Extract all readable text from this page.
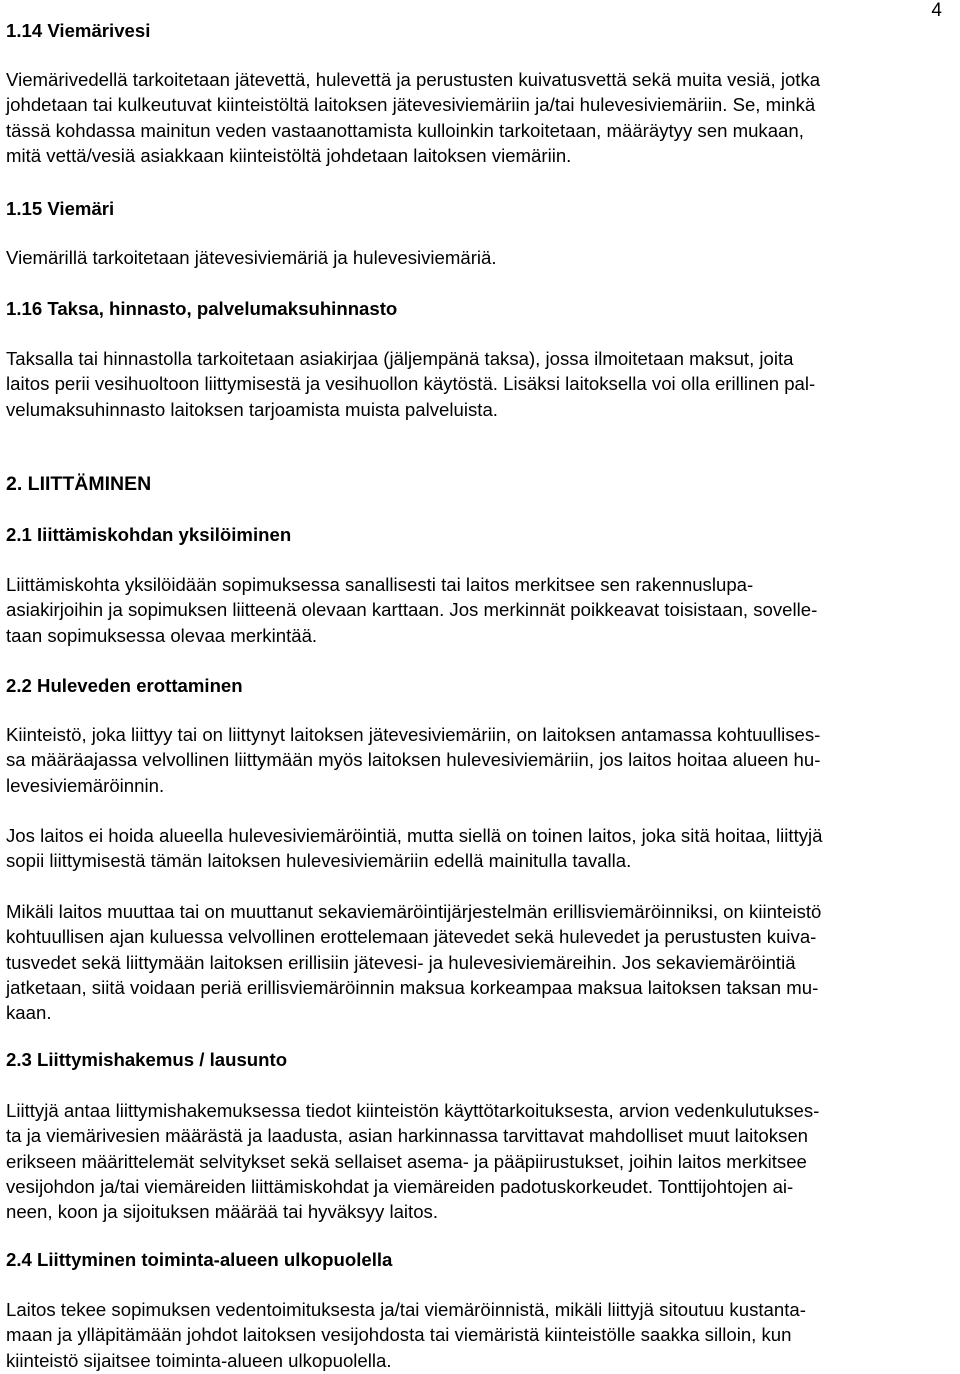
4
1.14 Viemärivesi
Viemärivedellä tarkoitetaan jätevettä, hulevettä ja perustusten kuivatusvettä sekä muita vesiä, jotka
johdetaan tai kulkeutuvat kiinteistöltä laitoksen jätevesiviemäriin ja/tai hulevesiviemäriin. Se, minkä
tässä kohdassa mainitun veden vastaanottamista kulloinkin tarkoitetaan, määräytyy sen mukaan,
mitä vettä/vesiä asiakkaan kiinteistöltä johdetaan laitoksen viemäriin.
1.15 Viemäri
Viemärillä tarkoitetaan jätevesiviemäriä ja hulevesiviemäriä.
1.16 Taksa, hinnasto, palvelumaksuhinnasto
Taksalla tai hinnastolla tarkoitetaan asiakirjaa (jäljempänä taksa), jossa ilmoitetaan maksut, joita
laitos perii vesihuoltoon liittymisestä ja vesihuollon käytöstä. Lisäksi laitoksella voi olla erillinen pal-
velumaksuhinnasto laitoksen tarjoamista muista palveluista.
2. LIITTÄMINEN
2.1 Iiittämiskohdan yksilöiminen
Liittämiskohta yksilöidään sopimuksessa sanallisesti tai laitos merkitsee sen rakennuslupa-
asiakirjoihin ja sopimuksen liitteenä olevaan karttaan. Jos merkinnät poikkeavat toisistaan, sovelle-
taan sopimuksessa olevaa merkintää.
2.2 Huleveden erottaminen
Kiinteistö, joka liittyy tai on liittynyt laitoksen jätevesiviemäriin, on laitoksen antamassa kohtuullises-
sa määräajassa velvollinen liittymään myös laitoksen hulevesiviemäriin, jos laitos hoitaa alueen hu-
levesiviemäröinnin.
Jos laitos ei hoida alueella hulevesiviemäröintiä, mutta siellä on toinen laitos, joka sitä hoitaa, liittyjä
sopii liittymisestä tämän laitoksen hulevesiviemäriin edellä mainitulla tavalla.
Mikäli laitos muuttaa tai on muuttanut sekaviemäröintijärjestelmän erillisviemäröinniksi, on kiinteistö
kohtuullisen ajan kuluessa velvollinen erottelemaan jätevedet sekä hulevedet ja perustusten kuiva-
tusvedet sekä liittymään laitoksen erillisiin jätevesi- ja hulevesiviemäreihin. Jos sekaviemäröintiä
jatketaan, siitä voidaan periä erillisviemäröinnin maksua korkeampaa maksua laitoksen taksan mu-
kaan.
2.3 Liittymishakemus / lausunto
Liittyjä antaa liittymishakemuksessa tiedot kiinteistön käyttötarkoituksesta, arvion vedenkulutukses-
ta ja viemärivesien määrästä ja laadusta, asian harkinnassa tarvittavat mahdolliset muut laitoksen
erikseen määrittelemät selvitykset sekä sellaiset asema- ja pääpiirustukset, joihin laitos merkitsee
vesijohdon ja/tai viemäreiden liittämiskohdat ja viemäreiden padotuskorkeudet. Tonttijohtojen ai-
neen, koon ja sijoituksen määrää tai hyväksyy laitos.
2.4 Liittyminen toiminta-alueen ulkopuolella
Laitos tekee sopimuksen vedentoimituksesta ja/tai viemäröinnistä, mikäli liittyjä sitoutuu kustanta-
maan ja ylläpitämään johdot laitoksen vesijohdosta tai viemäristä kiinteistölle saakka silloin, kun
kiinteistö sijaitsee toiminta-alueen ulkopuolella.
